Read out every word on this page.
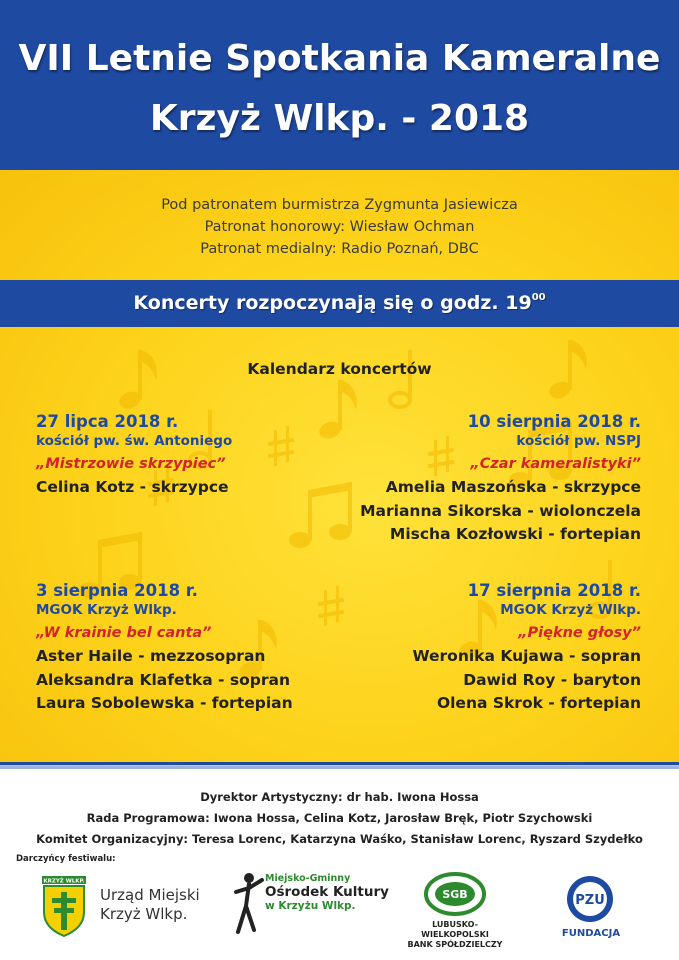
VII Letnie Spotkania Kameralne
Krzyż Wlkp. - 2018
Pod patronatem burmistrza Zygmunta Jasiewicza
Patronat honorowy: Wiesław Ochman
Patronat medialny: Radio Poznań, DBC
Koncerty rozpoczynają się o godz. $19^{00}$
Kalendarz koncertów
27 lipca 2018 r.
kościół pw. św. Antoniego
„Mistrzowie skrzypiec”
Celina Kotz - skrzypce
10 sierpnia 2018 r.
kościół pw. NSPJ
„Czar kameralistyki”
Amelia Maszońska - skrzypce
Marianna Sikorska - wiolonczela
Mischa Kozłowski - fortepian
3 sierpnia 2018 r.
MGOK Krzyż Wlkp.
„W krainie bel canta”
Aster Haile - mezzosopran
Aleksandra Klafetka - sopran
Laura Sobolewska - fortepian
17 sierpnia 2018 r.
MGOK Krzyż Wlkp.
„Piękne głosy”
Weronika Kujawa - sopran
Dawid Roy - baryton
Olena Skrok - fortepian
Dyrektor Artystyczny: dr hab. Iwona Hossa
Rada Programowa: Iwona Hossa, Celina Kotz, Jarosław Bręk, Piotr Szychowski
Komitet Organizacyjny: Teresa Lorenc, Katarzyna Waśko, Stanisław Lorenc, Ryszard Szydełko
Darczyńcy festiwalu:
KRZYŻ WLKP.
Urząd Miejski
Krzyż Wlkp.
Miejsko-Gminny
Ośrodek Kultury
w Krzyżu Wlkp.
SGB
LUBUSKO-WIELKOPOLSKI
BANK SPÓŁDZIELCZY
PZU
FUNDACJA
